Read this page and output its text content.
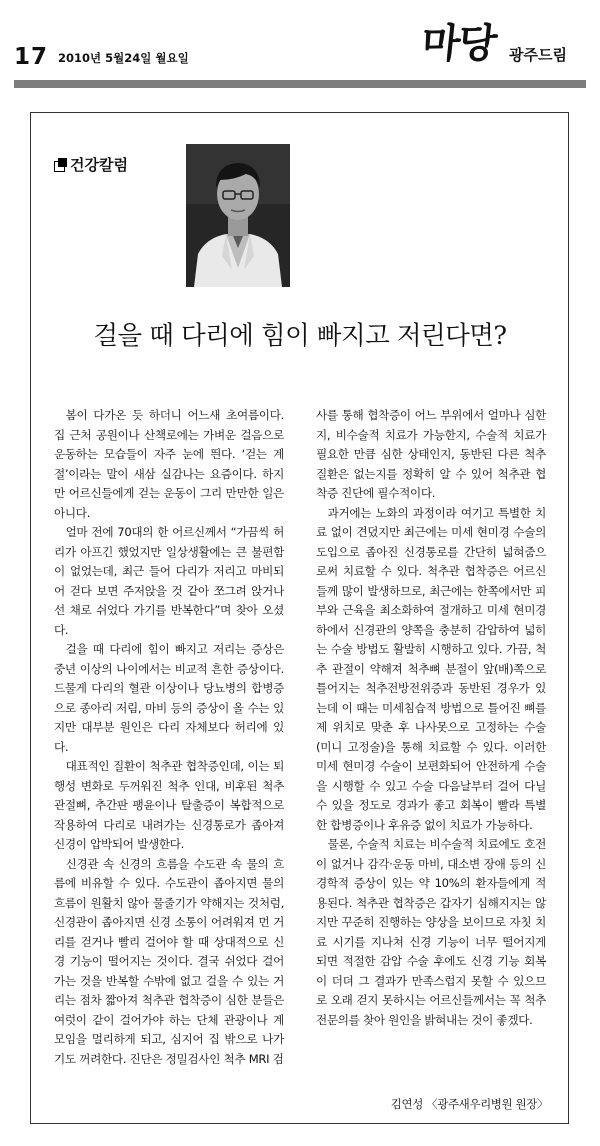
17 2010년 5월24일 월요일	마당 광주드림
건강칼럼
걸을 때 다리에 힘이 빠지고 저린다면?

봄이 다가온 듯 하더니 어느새 초여름이다. 집 근처 공원이나 산책로에는 가벼운 걸음으로 운동하는 모습들이 자주 눈에 띈다. ‘걷는 계절’이라는 말이 새삼 실감나는 요즘이다. 하지만 어르신들에게 걷는 운동이 그리 만만한 일은 아니다.

얼마 전에 70대의 한 어르신께서 “가끔씩 허리가 아프긴 했었지만 일상생활에는 큰 불편함이 없었는데, 최근 들어 다리가 저리고 마비되어 걷다 보면 주저앉을 것 같아 쪼그려 앉거나 선 채로 쉬었다 가기를 반복한다”며 찾아 오셨다.

걸을 때 다리에 힘이 빠지고 저리는 증상은 중년 이상의 나이에서는 비교적 흔한 증상이다. 드물게 다리의 혈관 이상이나 당뇨병의 합병증으로 종아리 저림, 마비 등의 증상이 올 수는 있지만 대부분 원인은 다리 자체보다 허리에 있다.

대표적인 질환이 척추관 협착증인데, 이는 퇴행성 변화로 두꺼워진 척추 인대, 비후된 척추관절뼈, 추간판 팽윤이나 탈출증이 복합적으로 작용하여 다리로 내려가는 신경통로가 좁아져 신경이 압박되어 발생한다.

신경관 속 신경의 흐름을 수도관 속 물의 흐름에 비유할 수 있다. 수도관이 좁아지면 물의 흐름이 원활치 않아 물줄기가 약해지는 것처럼, 신경관이 좁아지면 신경 소통이 어려워져 먼 거리를 걷거나 빨리 걸어야 할 때 상대적으로 신경 기능이 떨어지는 것이다. 결국 쉬었다 걸어가는 것을 반복할 수밖에 없고 걸을 수 있는 거리는 점차 짧아져 척추관 협착증이 심한 분들은 여럿이 같이 걸어가야 하는 단체 관광이나 계 모임을 멀리하게 되고, 심지어 집 밖으로 나가기도 꺼려한다. 진단은 정밀검사인 척추 MRI 검

사를 통해 협착증이 어느 부위에서 얼마나 심한지, 비수술적 치료가 가능한지, 수술적 치료가 필요한 만큼 심한 상태인지, 동반된 다른 척추 질환은 없는지를 정확히 알 수 있어 척추관 협착증 진단에 필수적이다.

과거에는 노화의 과정이라 여기고 특별한 치료 없이 견뎠지만 최근에는 미세 현미경 수술의 도입으로 좁아진 신경통로를 간단히 넓혀줌으로써 치료할 수 있다. 척추관 협착증은 어르신들께 많이 발생하므로, 최근에는 한쪽에서만 피부와 근육을 최소화하여 절개하고 미세 현미경 하에서 신경관의 양쪽을 충분히 감압하여 넓히는 수술 방법도 활발히 시행하고 있다. 가끔, 척추 관절이 약해져 척추뼈 분절이 앞(배)쪽으로 틀어지는 척추전방전위증과 동반된 경우가 있는데 이 때는 미세침습적 방법으로 틀어진 뼈를 제 위치로 맞춘 후 나사못으로 고정하는 수술(미니 고정술)을 통해 치료할 수 있다. 이러한 미세 현미경 수술이 보편화되어 안전하게 수술을 시행할 수 있고 수술 다음날부터 걸어 다닐 수 있을 정도로 경과가 좋고 회복이 빨라 특별한 합병증이나 후유증 없이 치료가 가능하다.

물론, 수술적 치료는 비수술적 치료에도 호전이 없거나 감각·운동 마비, 대소변 장애 등의 신경학적 증상이 있는 약 10%의 환자들에게 적용된다. 척추관 협착증은 갑자기 심해지지는 않지만 꾸준히 진행하는 양상을 보이므로 자칫 치료 시기를 지나쳐 신경 기능이 너무 떨어지게 되면 적절한 감압 수술 후에도 신경 기능 회복이 더뎌 그 결과가 만족스럽지 못할 수 있으므로 오래 걷지 못하시는 어르신들께서는 꼭 척추전문의를 찾아 원인을 밝혀내는 것이 좋겠다.

김연성 〈광주새우리병원 원장〉
